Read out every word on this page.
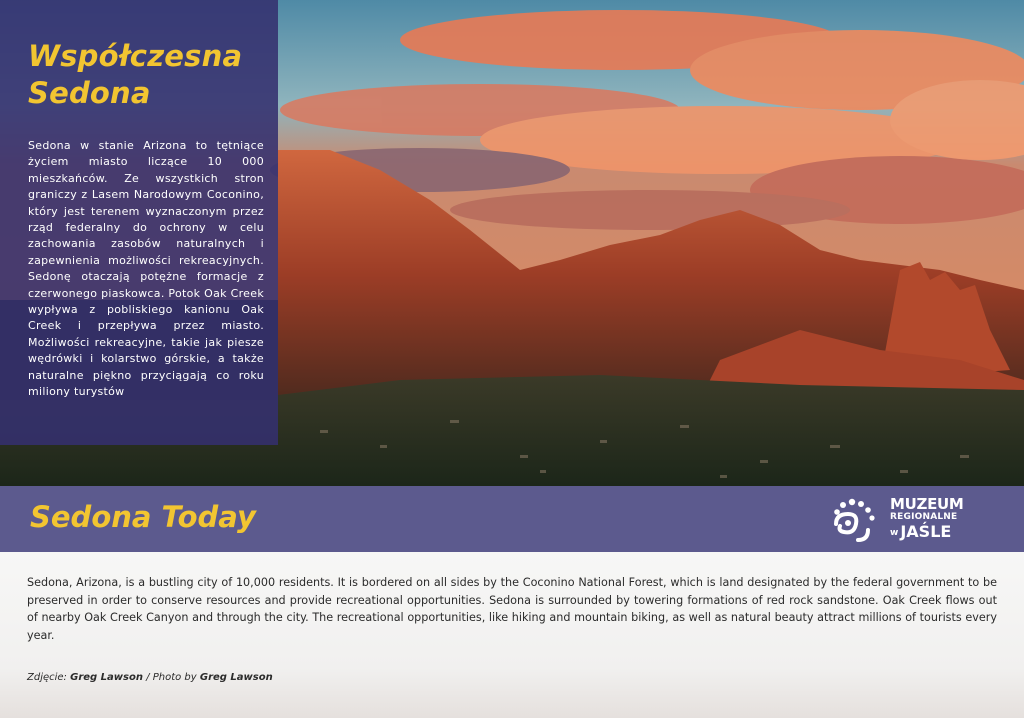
Współczesna Sedona

Sedona w stanie Arizona to tętniące życiem miasto liczące 10 000 mieszkańców. Ze wszystkich stron graniczy z Lasem Narodowym Coconino, który jest terenem wyznaczonym przez rząd federalny do ochrony w celu zachowania zasobów naturalnych i zapewnienia możliwości rekreacyjnych. Sedonę otaczają potężne formacje z czerwonego piaskowca. Potok Oak Creek wypływa z pobliskiego kanionu Oak Creek i przepływa przez miasto. Możliwości rekreacyjne, takie jak piesze wędrówki i kolarstwo górskie, a także naturalne piękno przyciągają co roku miliony turystów

Sedona Today	MUZEUM
REGIONALNE
w JAŚLE

Sedona, Arizona, is a bustling city of 10,000 residents. It is bordered on all sides by the Coconino National Forest, which is land designated by the federal government to be preserved in order to conserve resources and provide recreational opportunities. Sedona is surrounded by towering formations of red rock sandstone. Oak Creek flows out of nearby Oak Creek Canyon and through the city. The recreational opportunities, like hiking and mountain biking, as well as natural beauty attract millions of tourists every year.

Zdjęcie: Greg Lawson / Photo by Greg Lawson
